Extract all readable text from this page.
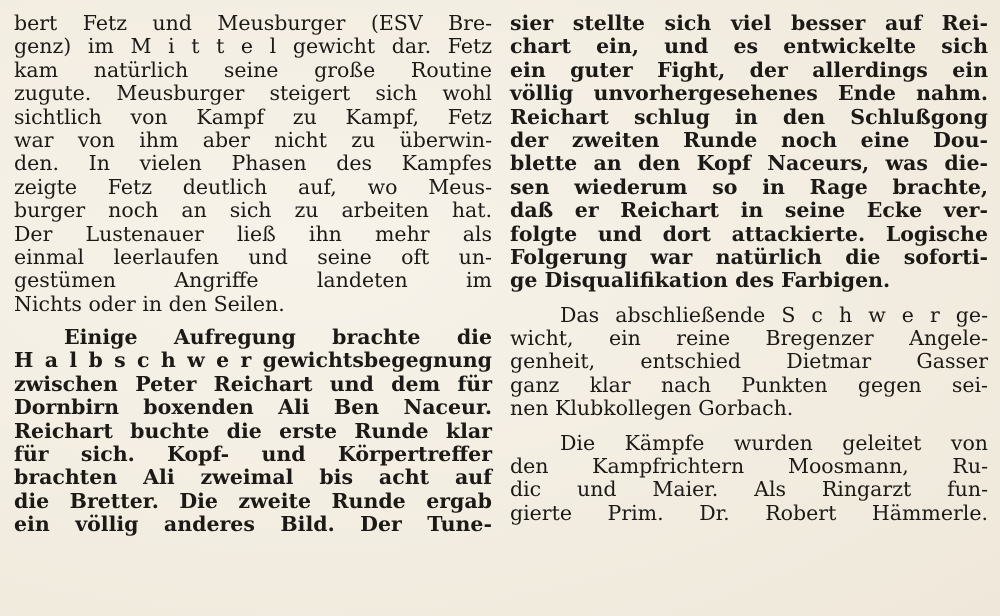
bert Fetz und Meusburger (ESV Bre-
genz) im M i t t e l gewicht dar. Fetz
kam natürlich seine große Routine
zugute. Meusburger steigert sich wohl
sichtlich von Kampf zu Kampf, Fetz
war von ihm aber nicht zu überwin-
den. In vielen Phasen des Kampfes
zeigte Fetz deutlich auf, wo Meus-
burger noch an sich zu arbeiten hat.
Der Lustenauer ließ ihn mehr als
einmal leerlaufen und seine oft un-
gestümen Angriffe landeten im
Nichts oder in den Seilen.
Einige Aufregung brachte die
H a l b s c h w e r gewichtsbegegnung
zwischen Peter Reichart und dem für
Dornbirn boxenden Ali Ben Naceur.
Reichart buchte die erste Runde klar
für sich. Kopf- und Körpertreffer
brachten Ali zweimal bis acht auf
die Bretter. Die zweite Runde ergab
ein völlig anderes Bild. Der Tune-
sier stellte sich viel besser auf Rei-
chart ein, und es entwickelte sich
ein guter Fight, der allerdings ein
völlig unvorhergesehenes Ende nahm.
Reichart schlug in den Schlußgong
der zweiten Runde noch eine Dou-
blette an den Kopf Naceurs, was die-
sen wiederum so in Rage brachte,
daß er Reichart in seine Ecke ver-
folgte und dort attackierte. Logische
Folgerung war natürlich die soforti-
ge Disqualifikation des Farbigen.
Das abschließende S c h w e r ge-
wicht, ein reine Bregenzer Angele-
genheit, entschied Dietmar Gasser
ganz klar nach Punkten gegen sei-
nen Klubkollegen Gorbach.
Die Kämpfe wurden geleitet von
den Kampfrichtern Moosmann, Ru-
dic und Maier. Als Ringarzt fun-
gierte Prim. Dr. Robert Hämmerle.
